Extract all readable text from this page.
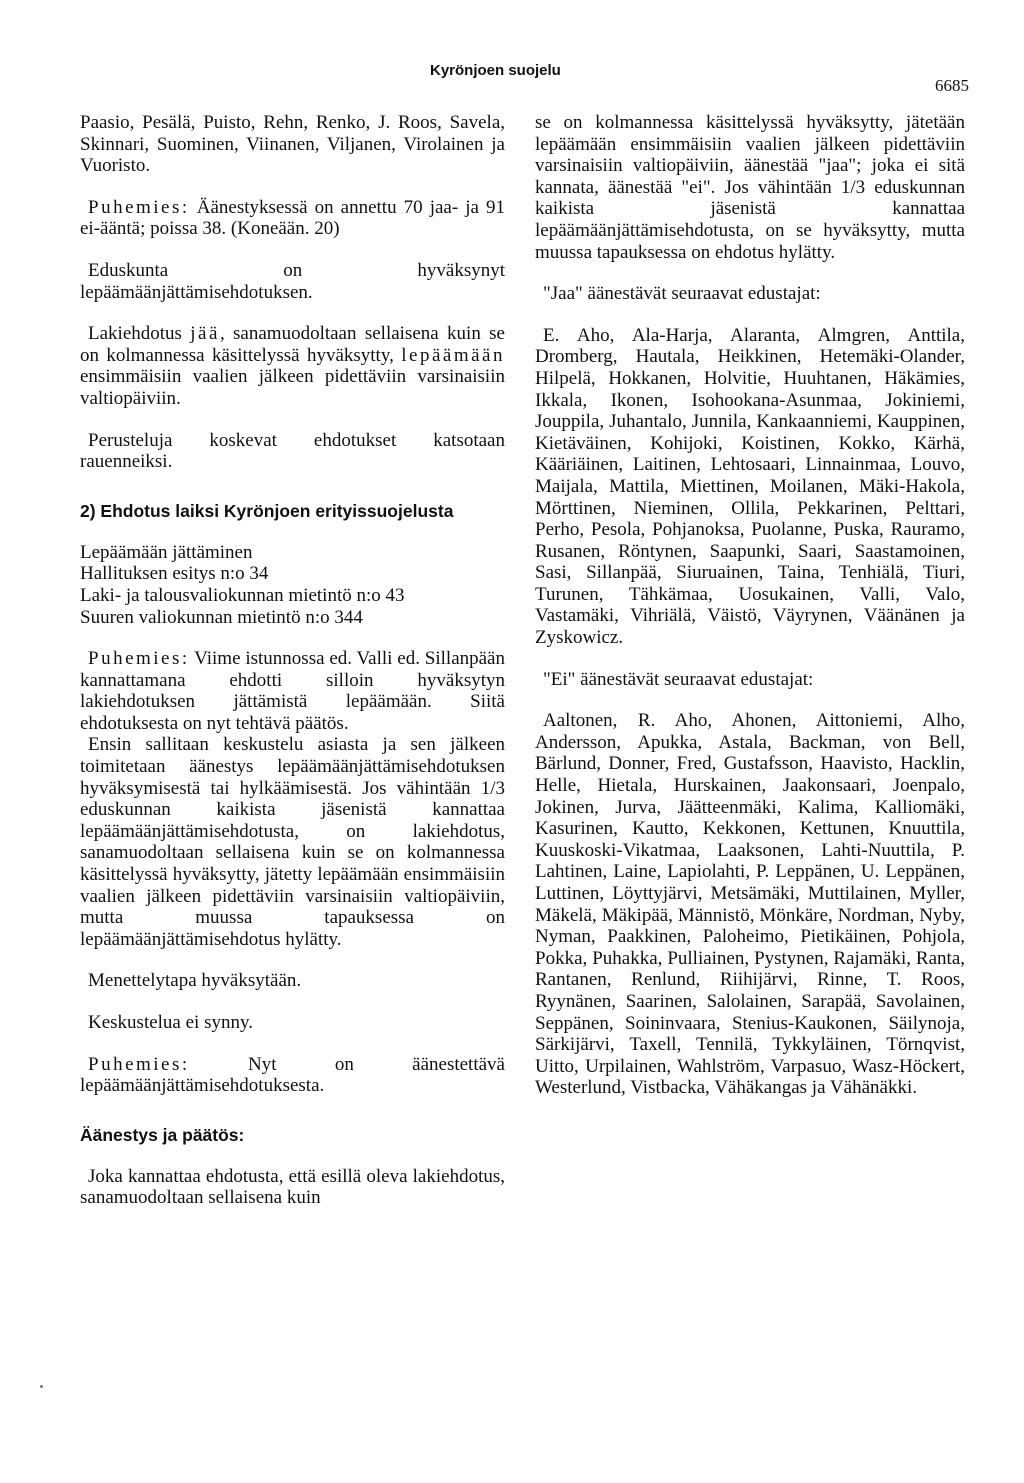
Kyrönjoen suojelu
6685

Paasio, Pesälä, Puisto, Rehn, Renko, J. Roos, Savela, Skinnari, Suominen, Viinanen, Viljanen, Virolainen ja Vuoristo.

Puhemies: Äänestyksessä on annettu 70 jaa- ja 91 ei-ääntä; poissa 38. (Koneään. 20)

Eduskunta on hyväksynyt lepäämäänjättämisehdotuksen.

Lakiehdotus jää, sanamuodoltaan sellaisena kuin se on kolmannessa käsittelyssä hyväksytty, lepäämään ensimmäisiin vaalien jälkeen pidettäviin varsinaisiin valtiopäiviin.

Perusteluja koskevat ehdotukset katsotaan rauenneiksi.

2) Ehdotus laiksi Kyrönjoen erityissuojelusta
Lepäämään jättäminen
Hallituksen esitys n:o 34
Laki- ja talousvaliokunnan mietintö n:o 43
Suuren valiokunnan mietintö n:o 344

Puhemies: Viime istunnossa ed. Valli ed. Sillanpään kannattamana ehdotti silloin hyväksytyn lakiehdotuksen jättämistä lepäämään. Siitä ehdotuksesta on nyt tehtävä päätös.

Ensin sallitaan keskustelu asiasta ja sen jälkeen toimitetaan äänestys lepäämäänjättämisehdotuksen hyväksymisestä tai hylkäämisestä. Jos vähintään 1/3 eduskunnan kaikista jäsenistä kannattaa lepäämäänjättämisehdotusta, on lakiehdotus, sanamuodoltaan sellaisena kuin se on kolmannessa käsittelyssä hyväksytty, jätetty lepäämään ensimmäisiin vaalien jälkeen pidettäviin varsinaisiin valtiopäiviin, mutta muussa tapauksessa on lepäämäänjättämisehdotus hylätty.

Menettelytapa hyväksytään.

Keskustelua ei synny.

Puhemies: Nyt on äänestettävä lepäämäänjättämisehdotuksesta.

Äänestys ja päätös:

Joka kannattaa ehdotusta, että esillä oleva lakiehdotus, sanamuodoltaan sellaisena kuin

se on kolmannessa käsittelyssä hyväksytty, jätetään lepäämään ensimmäisiin vaalien jälkeen pidettäviin varsinaisiin valtiopäiviin, äänestää "jaa"; joka ei sitä kannata, äänestää "ei". Jos vähintään 1/3 eduskunnan kaikista jäsenistä kannattaa lepäämäänjättämisehdotusta, on se hyväksytty, mutta muussa tapauksessa on ehdotus hylätty.

"Jaa" äänestävät seuraavat edustajat:

E. Aho, Ala-Harja, Alaranta, Almgren, Anttila, Dromberg, Hautala, Heikkinen, Hetemäki-Olander, Hilpelä, Hokkanen, Holvitie, Huuhtanen, Häkämies, Ikkala, Ikonen, Isohookana-Asunmaa, Jokiniemi, Jouppila, Juhantalo, Junnila, Kankaanniemi, Kauppinen, Kietäväinen, Kohijoki, Koistinen, Kokko, Kärhä, Kääriäinen, Laitinen, Lehtosaari, Linnainmaa, Louvo, Maijala, Mattila, Miettinen, Moilanen, Mäki-Hakola, Mörttinen, Nieminen, Ollila, Pekkarinen, Pelttari, Perho, Pesola, Pohjanoksa, Puolanne, Puska, Rauramo, Rusanen, Röntynen, Saapunki, Saari, Saastamoinen, Sasi, Sillanpää, Siuruainen, Taina, Tenhiälä, Tiuri, Turunen, Tähkämaa, Uosukainen, Valli, Valo, Vastamäki, Vihriälä, Väistö, Väyrynen, Väänänen ja Zyskowicz.

"Ei" äänestävät seuraavat edustajat:

Aaltonen, R. Aho, Ahonen, Aittoniemi, Alho, Andersson, Apukka, Astala, Backman, von Bell, Bärlund, Donner, Fred, Gustafsson, Haavisto, Hacklin, Helle, Hietala, Hurskainen, Jaakonsaari, Joenpalo, Jokinen, Jurva, Jäätteenmäki, Kalima, Kalliomäki, Kasurinen, Kautto, Kekkonen, Kettunen, Knuuttila, Kuuskoski-Vikatmaa, Laaksonen, Lahti-Nuuttila, P. Lahtinen, Laine, Lapiolahti, P. Leppänen, U. Leppänen, Luttinen, Löyttyjärvi, Metsämäki, Muttilainen, Myller, Mäkelä, Mäkipää, Männistö, Mönkäre, Nordman, Nyby, Nyman, Paakkinen, Paloheimo, Pietikäinen, Pohjola, Pokka, Puhakka, Pulliainen, Pystynen, Rajamäki, Ranta, Rantanen, Renlund, Riihijärvi, Rinne, T. Roos, Ryynänen, Saarinen, Salolainen, Sarapää, Savolainen, Seppänen, Soininvaara, Stenius-Kaukonen, Säilynoja, Särkijärvi, Taxell, Tennilä, Tykkyläinen, Törnqvist, Uitto, Urpilainen, Wahlström, Varpasuo, Wasz-Höckert, Westerlund, Vistbacka, Vähäkangas ja Vähänäkki.
